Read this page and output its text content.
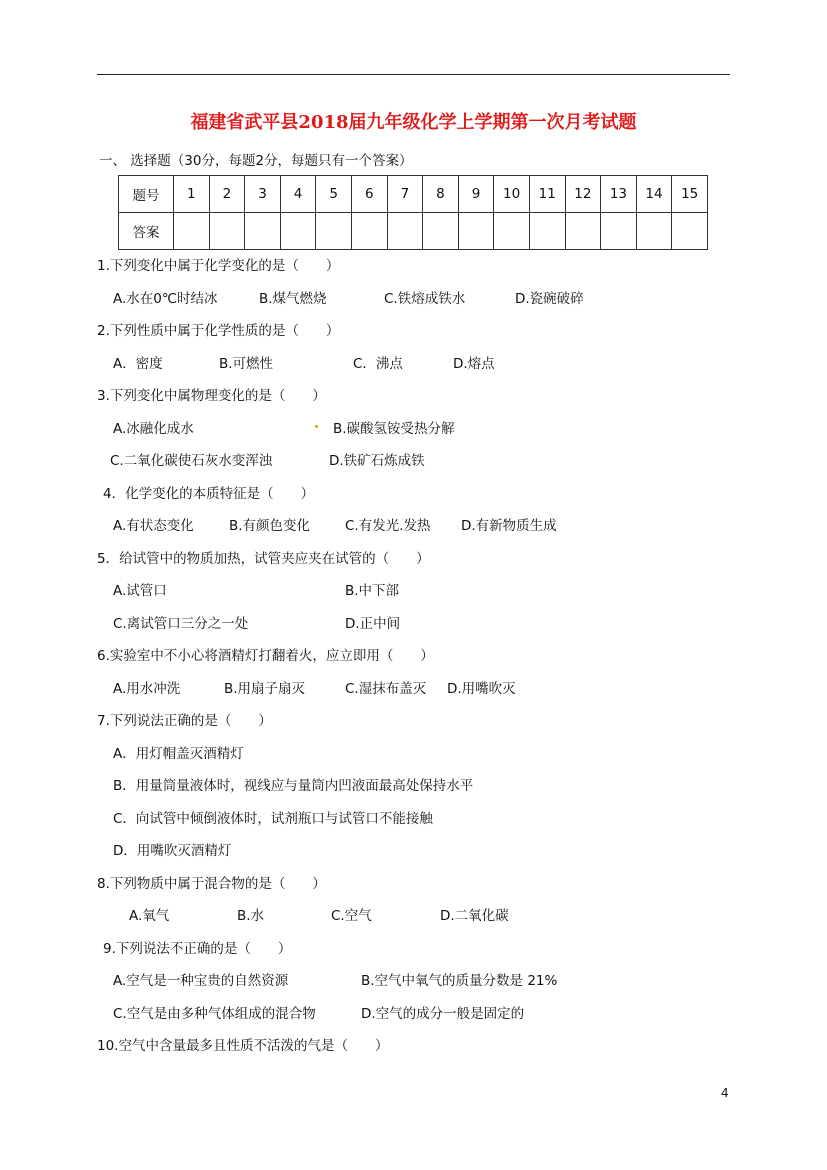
福建省武平县2018届九年级化学上学期第一次月考试题
一、 选择题（30分，每题2分，每题只有一个答案）
题号	1	2	3	4	5	6	7	8	9	10	11	12	13	14	15
答案															
1.下列变化中属于化学变化的是（　　）
A.水在0℃时结冰	B.煤气燃烧	C.铁熔成铁水	D.瓷碗破碎
2.下列性质中属于化学性质的是（　　）
A．密度	B.可燃性	C．沸点	D.熔点
3.下列变化中属物理变化的是（　　）
A.冰融化成水	B.碳酸氢铵受热分解
C.二氧化碳使石灰水变浑浊	D.铁矿石炼成铁
4．化学变化的本质特征是（　　）
A.有状态变化	B.有颜色变化	C.有发光.发热 D.有新物质生成
5．给试管中的物质加热，试管夹应夹在试管的（　　）
A.试管口	B.中下部
C.离试管口三分之一处	D.正中间
6.实验室中不小心将酒精灯打翻着火，应立即用（　　）
A.用水冲洗	B.用扇子扇灭	C.湿抹布盖灭 D.用嘴吹灭
7.下列说法正确的是（　　）
A．用灯帽盖灭酒精灯
B．用量筒量液体时，视线应与量筒内凹液面最高处保持水平
C．向试管中倾倒液体时，试剂瓶口与试管口不能接触
D．用嘴吹灭酒精灯
8.下列物质中属于混合物的是（　　）
A.氧气	B.水	C.空气	D.二氧化碳
9.下列说法不正确的是（　　）
A.空气是一种宝贵的自然资源	B.空气中氧气的质量分数是 21%
C.空气是由多种气体组成的混合物	D.空气的成分一般是固定的
10.空气中含量最多且性质不活泼的气是（　　）
4
